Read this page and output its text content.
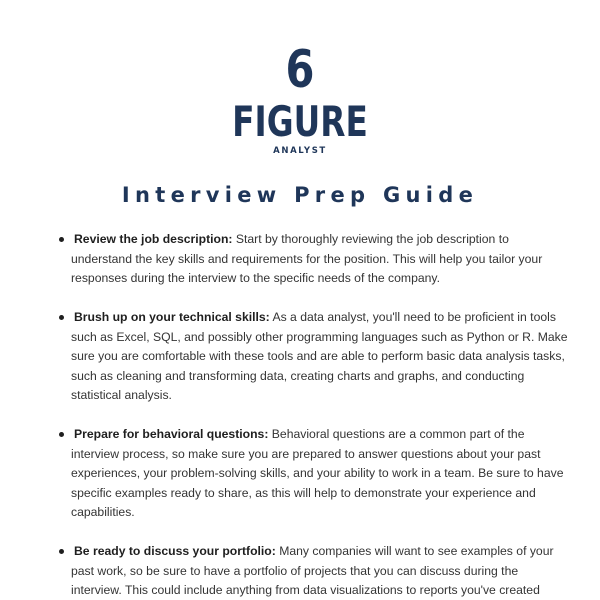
6
FIGURE
ANALYST
Interview Prep Guide
Review the job description: Start by thoroughly reviewing the job description to understand the key skills and requirements for the position. This will help you tailor your responses during the interview to the specific needs of the company.
Brush up on your technical skills: As a data analyst, you'll need to be proficient in tools such as Excel, SQL, and possibly other programming languages such as Python or R. Make sure you are comfortable with these tools and are able to perform basic data analysis tasks, such as cleaning and transforming data, creating charts and graphs, and conducting statistical analysis.
Prepare for behavioral questions: Behavioral questions are a common part of the interview process, so make sure you are prepared to answer questions about your past experiences, your problem-solving skills, and your ability to work in a team. Be sure to have specific examples ready to share, as this will help to demonstrate your experience and capabilities.
Be ready to discuss your portfolio: Many companies will want to see examples of your past work, so be sure to have a portfolio of projects that you can discuss during the interview. This could include anything from data visualizations to reports you've created
